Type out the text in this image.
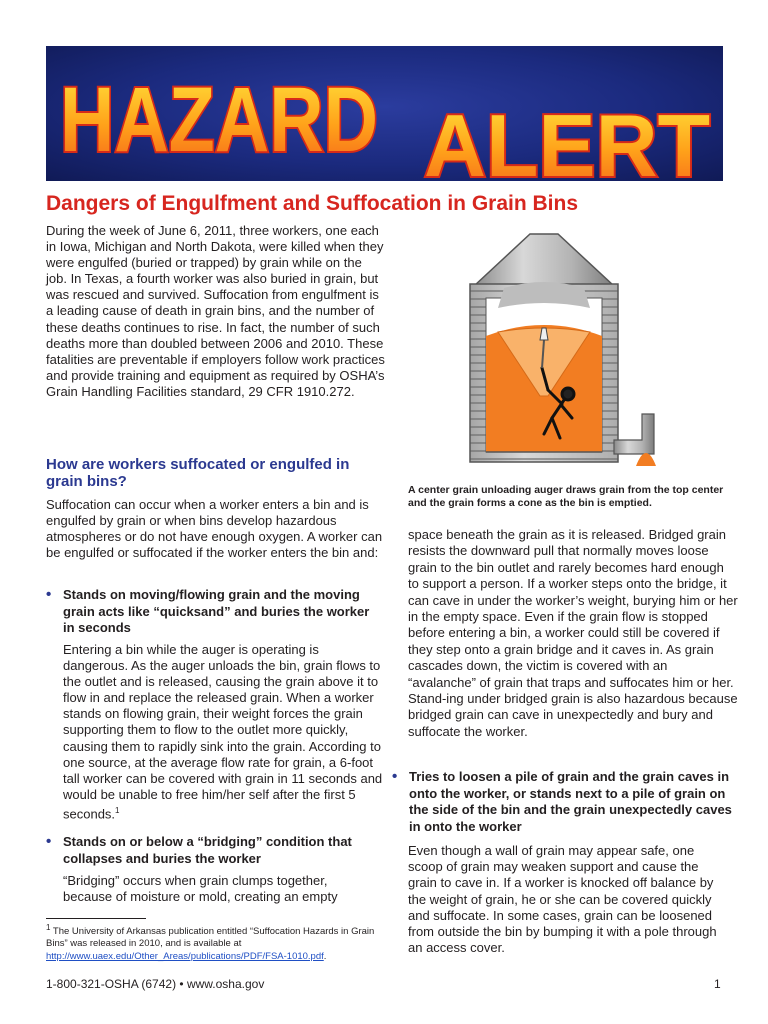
HAZARD ALERT
Dangers of Engulfment and Suffocation in Grain Bins

During the week of June 6, 2011, three workers, one each in Iowa, Michigan and North Dakota, were killed when they were engulfed (buried or trapped) by grain while on the job. In Texas, a fourth worker was also buried in grain, but was rescued and survived. Suffocation from engulfment is a leading cause of death in grain bins, and the number of these deaths continues to rise. In fact, the number of such deaths more than doubled between 2006 and 2010. These fatalities are preventable if employers follow work practices and provide training and equipment as required by OSHA’s Grain Handling Facilities standard, 29 CFR 1910.272.

How are workers suffocated or engulfed in grain bins?

Suffocation can occur when a worker enters a bin and is engulfed by grain or when bins develop hazardous atmospheres or do not have enough oxygen. A worker can be engulfed or suffocated if the worker enters the bin and:

• Stands on moving/flowing grain and the moving grain acts like “quicksand” and buries the worker in seconds

Entering a bin while the auger is operating is dangerous. As the auger unloads the bin, grain flows to the outlet and is released, causing the grain above it to flow in and replace the released grain. When a worker stands on flowing grain, their weight forces the grain supporting them to flow to the outlet more quickly, causing them to rapidly sink into the grain. According to one source, at the average flow rate for grain, a 6-foot tall worker can be covered with grain in 11 seconds and would be unable to free him/her self after the first 5 seconds.$^1$

• Stands on or below a “bridging” condition that collapses and buries the worker

“Bridging” occurs when grain clumps together, because of moisture or mold, creating an empty

$^1$ The University of Arkansas publication entitled “Suffocation Hazards in Grain Bins” was released in 2010, and is available at http://www.uaex.edu/Other_Areas/publications/PDF/FSA-1010.pdf.

A center grain unloading auger draws grain from the top center and the grain forms a cone as the bin is emptied.

space beneath the grain as it is released. Bridged grain resists the downward pull that normally moves loose grain to the bin outlet and rarely becomes hard enough to support a person. If a worker steps onto the bridge, it can cave in under the worker’s weight, burying him or her in the empty space. Even if the grain flow is stopped before entering a bin, a worker could still be covered if they step onto a grain bridge and it caves in. As grain cascades down, the victim is covered with an “avalanche” of grain that traps and suffocates him or her. Stand-ing under bridged grain is also hazardous because bridged grain can cave in unexpectedly and bury and suffocate the worker.

• Tries to loosen a pile of grain and the grain caves in onto the worker, or stands next to a pile of grain on the side of the bin and the grain unexpectedly caves in onto the worker

Even though a wall of grain may appear safe, one scoop of grain may weaken support and cause the grain to cave in. If a worker is knocked off balance by the weight of grain, he or she can be covered quickly and suffocate. In some cases, grain can be loosened from outside the bin by bumping it with a pole through an access cover.

1-800-321-OSHA (6742) • www.osha.gov	1
